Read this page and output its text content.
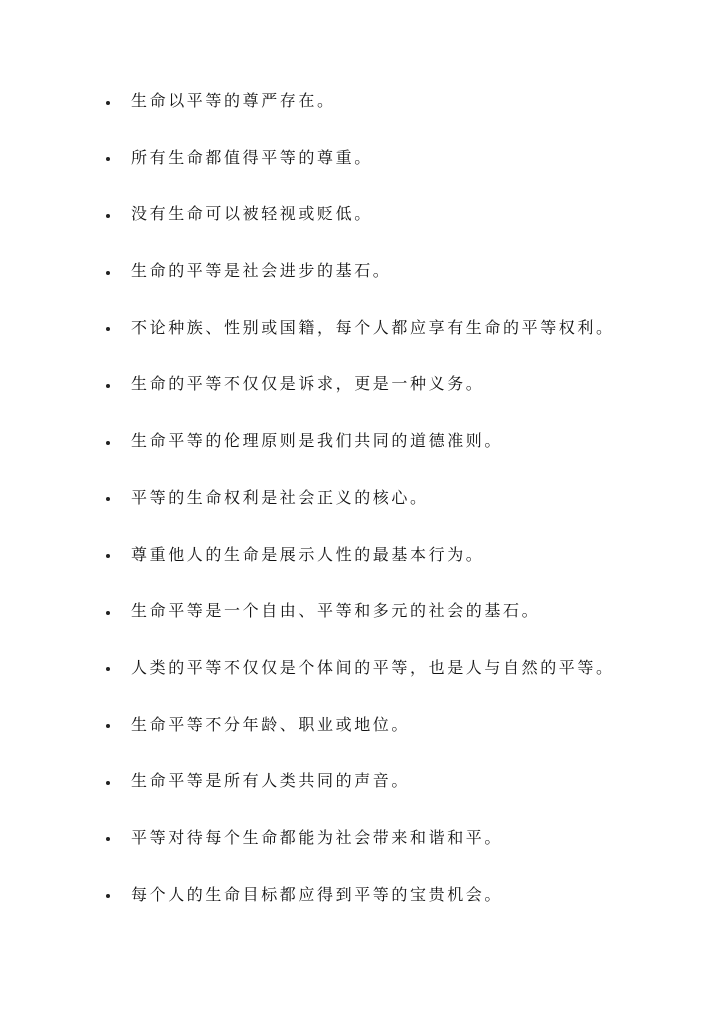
生命以平等的尊严存在。
所有生命都值得平等的尊重。
没有生命可以被轻视或贬低。
生命的平等是社会进步的基石。
不论种族、性别或国籍，每个人都应享有生命的平等权利。
生命的平等不仅仅是诉求，更是一种义务。
生命平等的伦理原则是我们共同的道德准则。
平等的生命权利是社会正义的核心。
尊重他人的生命是展示人性的最基本行为。
生命平等是一个自由、平等和多元的社会的基石。
人类的平等不仅仅是个体间的平等，也是人与自然的平等。
生命平等不分年龄、职业或地位。
生命平等是所有人类共同的声音。
平等对待每个生命都能为社会带来和谐和平。
每个人的生命目标都应得到平等的宝贵机会。
